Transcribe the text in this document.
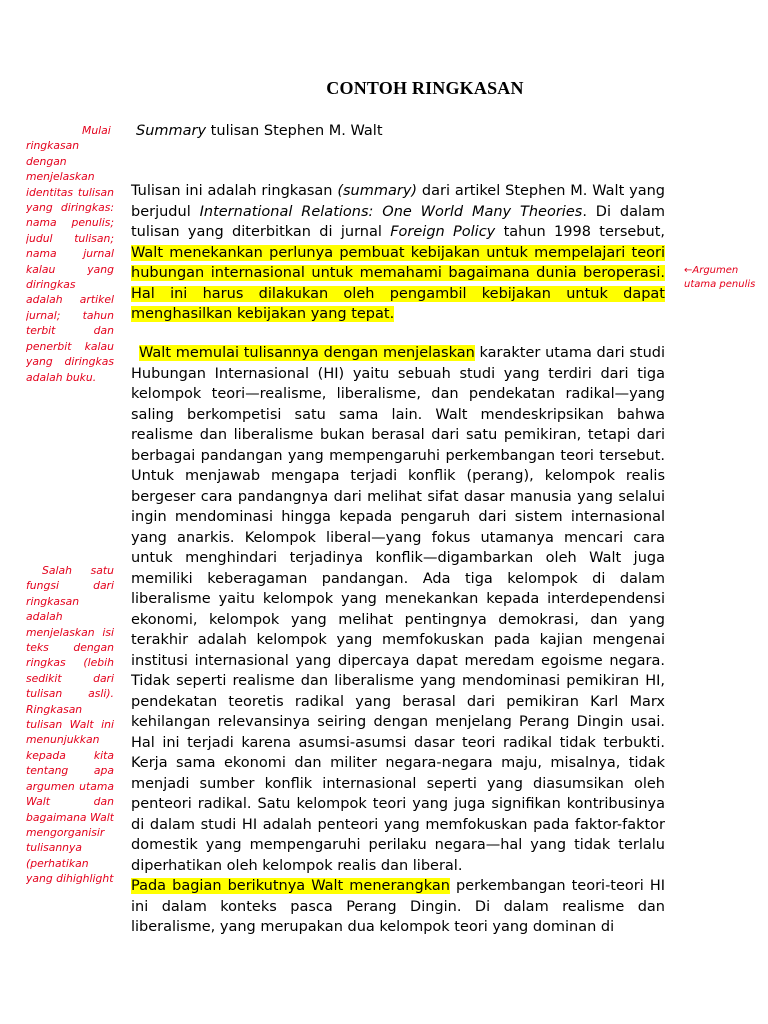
CONTOH RINGKASAN
Summary tulisan Stephen M. Walt
Tulisan ini adalah ringkasan (summary) dari artikel Stephen M. Walt yang berjudul International Relations: One World Many Theories. Di dalam tulisan yang diterbitkan di jurnal Foreign Policy tahun 1998 tersebut, Walt menekankan perlunya pembuat kebijakan untuk mempelajari teori hubungan internasional untuk memahami bagaimana dunia beroperasi. Hal ini harus dilakukan oleh pengambil kebijakan untuk dapat menghasilkan kebijakan yang tepat.
Walt memulai tulisannya dengan menjelaskan karakter utama dari studi Hubungan Internasional (HI) yaitu sebuah studi yang terdiri dari tiga kelompok teori—realisme, liberalisme, dan pendekatan radikal—yang saling berkompetisi satu sama lain. Walt mendeskripsikan bahwa realisme dan liberalisme bukan berasal dari satu pemikiran, tetapi dari berbagai pandangan yang mempengaruhi perkembangan teori tersebut. Untuk menjawab mengapa terjadi konflik (perang), kelompok realis bergeser cara pandangnya dari melihat sifat dasar manusia yang selalui ingin mendominasi hingga kepada pengaruh dari sistem internasional yang anarkis. Kelompok liberal—yang fokus utamanya mencari cara untuk menghindari terjadinya konflik—digambarkan oleh Walt juga memiliki keberagaman pandangan. Ada tiga kelompok di dalam liberalisme yaitu kelompok yang menekankan kepada interdependensi ekonomi, kelompok yang melihat pentingnya demokrasi, dan yang terakhir adalah kelompok yang memfokuskan pada kajian mengenai institusi internasional yang dipercaya dapat meredam egoisme negara. Tidak seperti realisme dan liberalisme yang mendominasi pemikiran HI, pendekatan teoretis radikal yang berasal dari pemikiran Karl Marx kehilangan relevansinya seiring dengan menjelang Perang Dingin usai. Hal ini terjadi karena asumsi-asumsi dasar teori radikal tidak terbukti. Kerja sama ekonomi dan militer negara-negara maju, misalnya, tidak menjadi sumber konflik internasional seperti yang diasumsikan oleh penteori radikal. Satu kelompok teori yang juga signifikan kontribusinya di dalam studi HI adalah penteori yang memfokuskan pada faktor-faktor domestik yang mempengaruhi perilaku negara—hal yang tidak terlalu diperhatikan oleh kelompok realis dan liberal.
Pada bagian berikutnya Walt menerangkan perkembangan teori-teori HI ini dalam konteks pasca Perang Dingin. Di dalam realisme dan liberalisme, yang merupakan dua kelompok teori yang dominan di
Mulai ringkasan dengan menjelaskan identitas tulisan yang diringkas: nama penulis; judul tulisan; nama jurnal kalau yang diringkas adalah artikel jurnal; tahun terbit dan penerbit kalau yang diringkas adalah buku.
Salah satu fungsi dari ringkasan adalah menjelaskan isi teks dengan ringkas (lebih sedikit dari tulisan asli). Ringkasan tulisan Walt ini menunjukkan kepada kita tentang apa argumen utama Walt dan bagaimana Walt mengorganisir tulisannya (perhatikan yang dihighlight
←Argumen utama penulis
